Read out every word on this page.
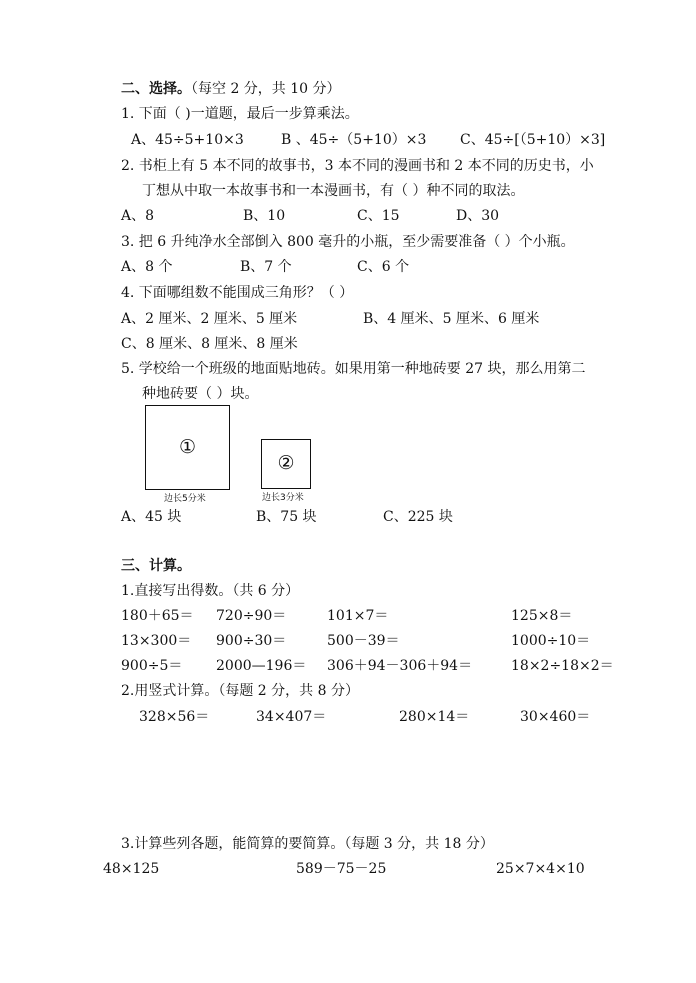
二、选择。（每空 2 分，共 10 分）
1. 下面（ )一道题，最后一步算乘法。
A、45÷5+10×3	B 、45÷（5+10）×3 C、45÷[（5+10）×3]
2. 书柜上有 5 本不同的故事书，3 本不同的漫画书和 2 本不同的历史书，小
丁想从中取一本故事书和一本漫画书，有（ ）种不同的取法。
A、8	B、10	C、15	D、30
3. 把 6 升纯净水全部倒入 800 毫升的小瓶，至少需要准备（ ）个小瓶。
A、8 个	B、7 个	C、6 个
4. 下面哪组数不能围成三角形？（ ）
A、2 厘米、2 厘米、5 厘米	B、4 厘米、5 厘米、6 厘米
C、8 厘米、8 厘米、8 厘米
5. 学校给一个班级的地面贴地砖。如果用第一种地砖要 27 块，那么用第二
种地砖要（ ）块。
①
边长5分米
②
边长3分米
A、45 块	B、75 块	C、225 块
三、计算。
1.直接写出得数。（共 6 分）
180＋65＝ 720÷90＝	101×7＝	125×8＝
13×300＝ 900÷30＝	500－39＝	1000÷10＝
900÷5＝ 2000—196＝ 306＋94－306＋94＝	18×2÷18×2＝
2.用竖式计算。（每题 2 分，共 8 分）
328×56＝	34×407＝	280×14＝	30×460＝
3.计算些列各题，能简算的要简算。（每题 3 分，共 18 分）
48×125	589－75－25	25×7×4×10
